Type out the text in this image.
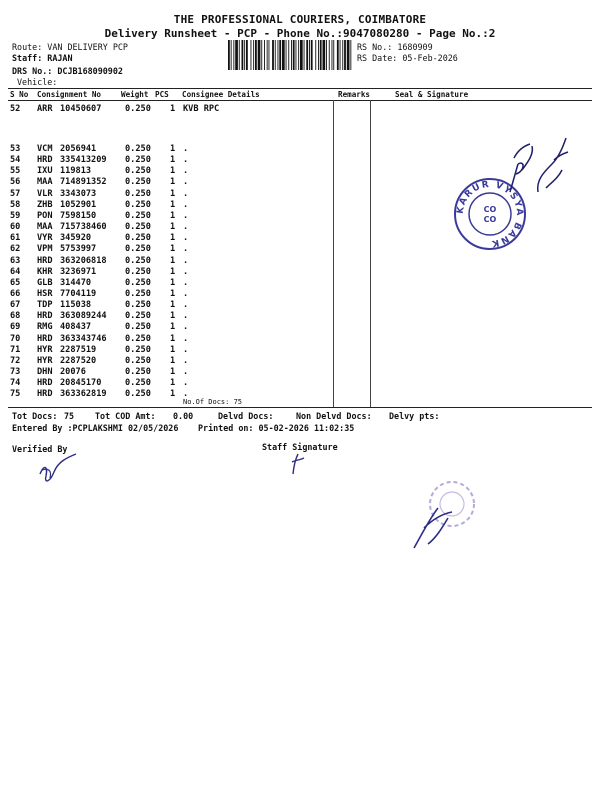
THE PROFESSIONAL COURIERS, COIMBATORE
Delivery Runsheet - PCP - Phone No.:9047080280 - Page No.:2
Route: VAN DELIVERY PCP
Staff: RAJAN
DRS No.: DCJB168090902
Vehicle:
RS No.: 1680909
RS Date: 05-Feb-2026
S No Consignment No	Weight PCS Consignee Details	Remarks	Seal & Signature
52 ARR 10450607	0.250 1 KVB RPC
53 VCM 2056941	0.250 1 .
54 HRD 335413209 0.250 1 .
55 IXU 119813	0.250 1 .
56 MAA 714891352 0.250 1 .
57 VLR 3343073	0.250 1 .
58 ZHB 1052901	0.250 1 .
59 PON 7598150	0.250 1 .
60 MAA 715738460 0.250 1 .
61 VYR 345920	0.250 1 .
62 VPM 5753997	0.250 1 .
63 HRD 363206818 0.250 1 .
64 KHR 3236971	0.250 1 .
65 GLB 314470	0.250 1 .
66 HSR 7704119	0.250 1 .
67 TDP 115038	0.250 1 .
68 HRD 363089244 0.250 1 .
69 RMG 408437	0.250 1 .
70 HRD 363343746 0.250 1 .
71 HYR 2287519	0.250 1 .
72 HYR 2287520	0.250 1 .
73 DHN 20076	0.250 1 .
74 HRD 20845170	0.250 1 .
75 HRD 363362819 0.250 1 .
No.Of Docs: 75
Tot Docs: 75 Tot COD Amt: 0.00	Delvd Docs:	Non Delvd Docs: Delvy pts:
Entered By :PCPLAKSHMI 02/05/2026 Printed on: 05-02-2026 11:02:35
Verified By	Staff Signature
KARUR VYSYA BANK
CO
CO
